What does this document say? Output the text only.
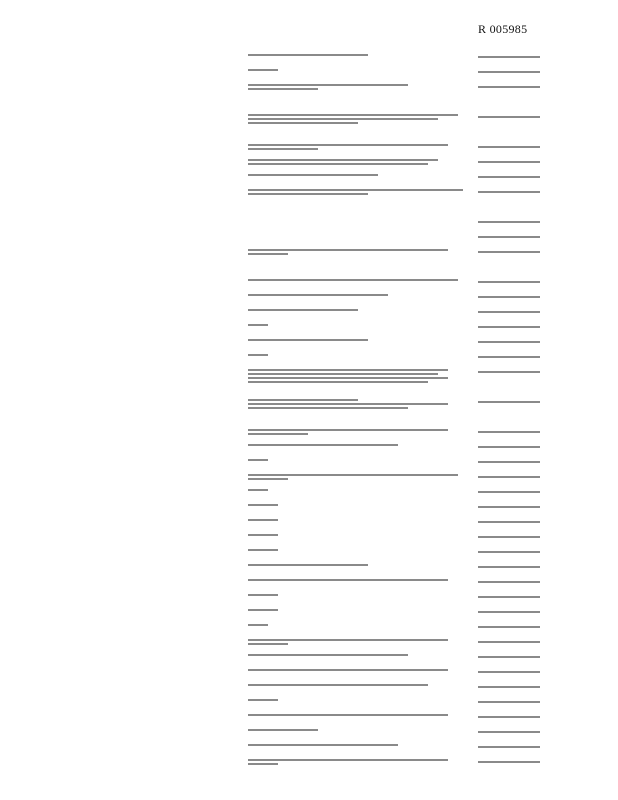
R 005985
